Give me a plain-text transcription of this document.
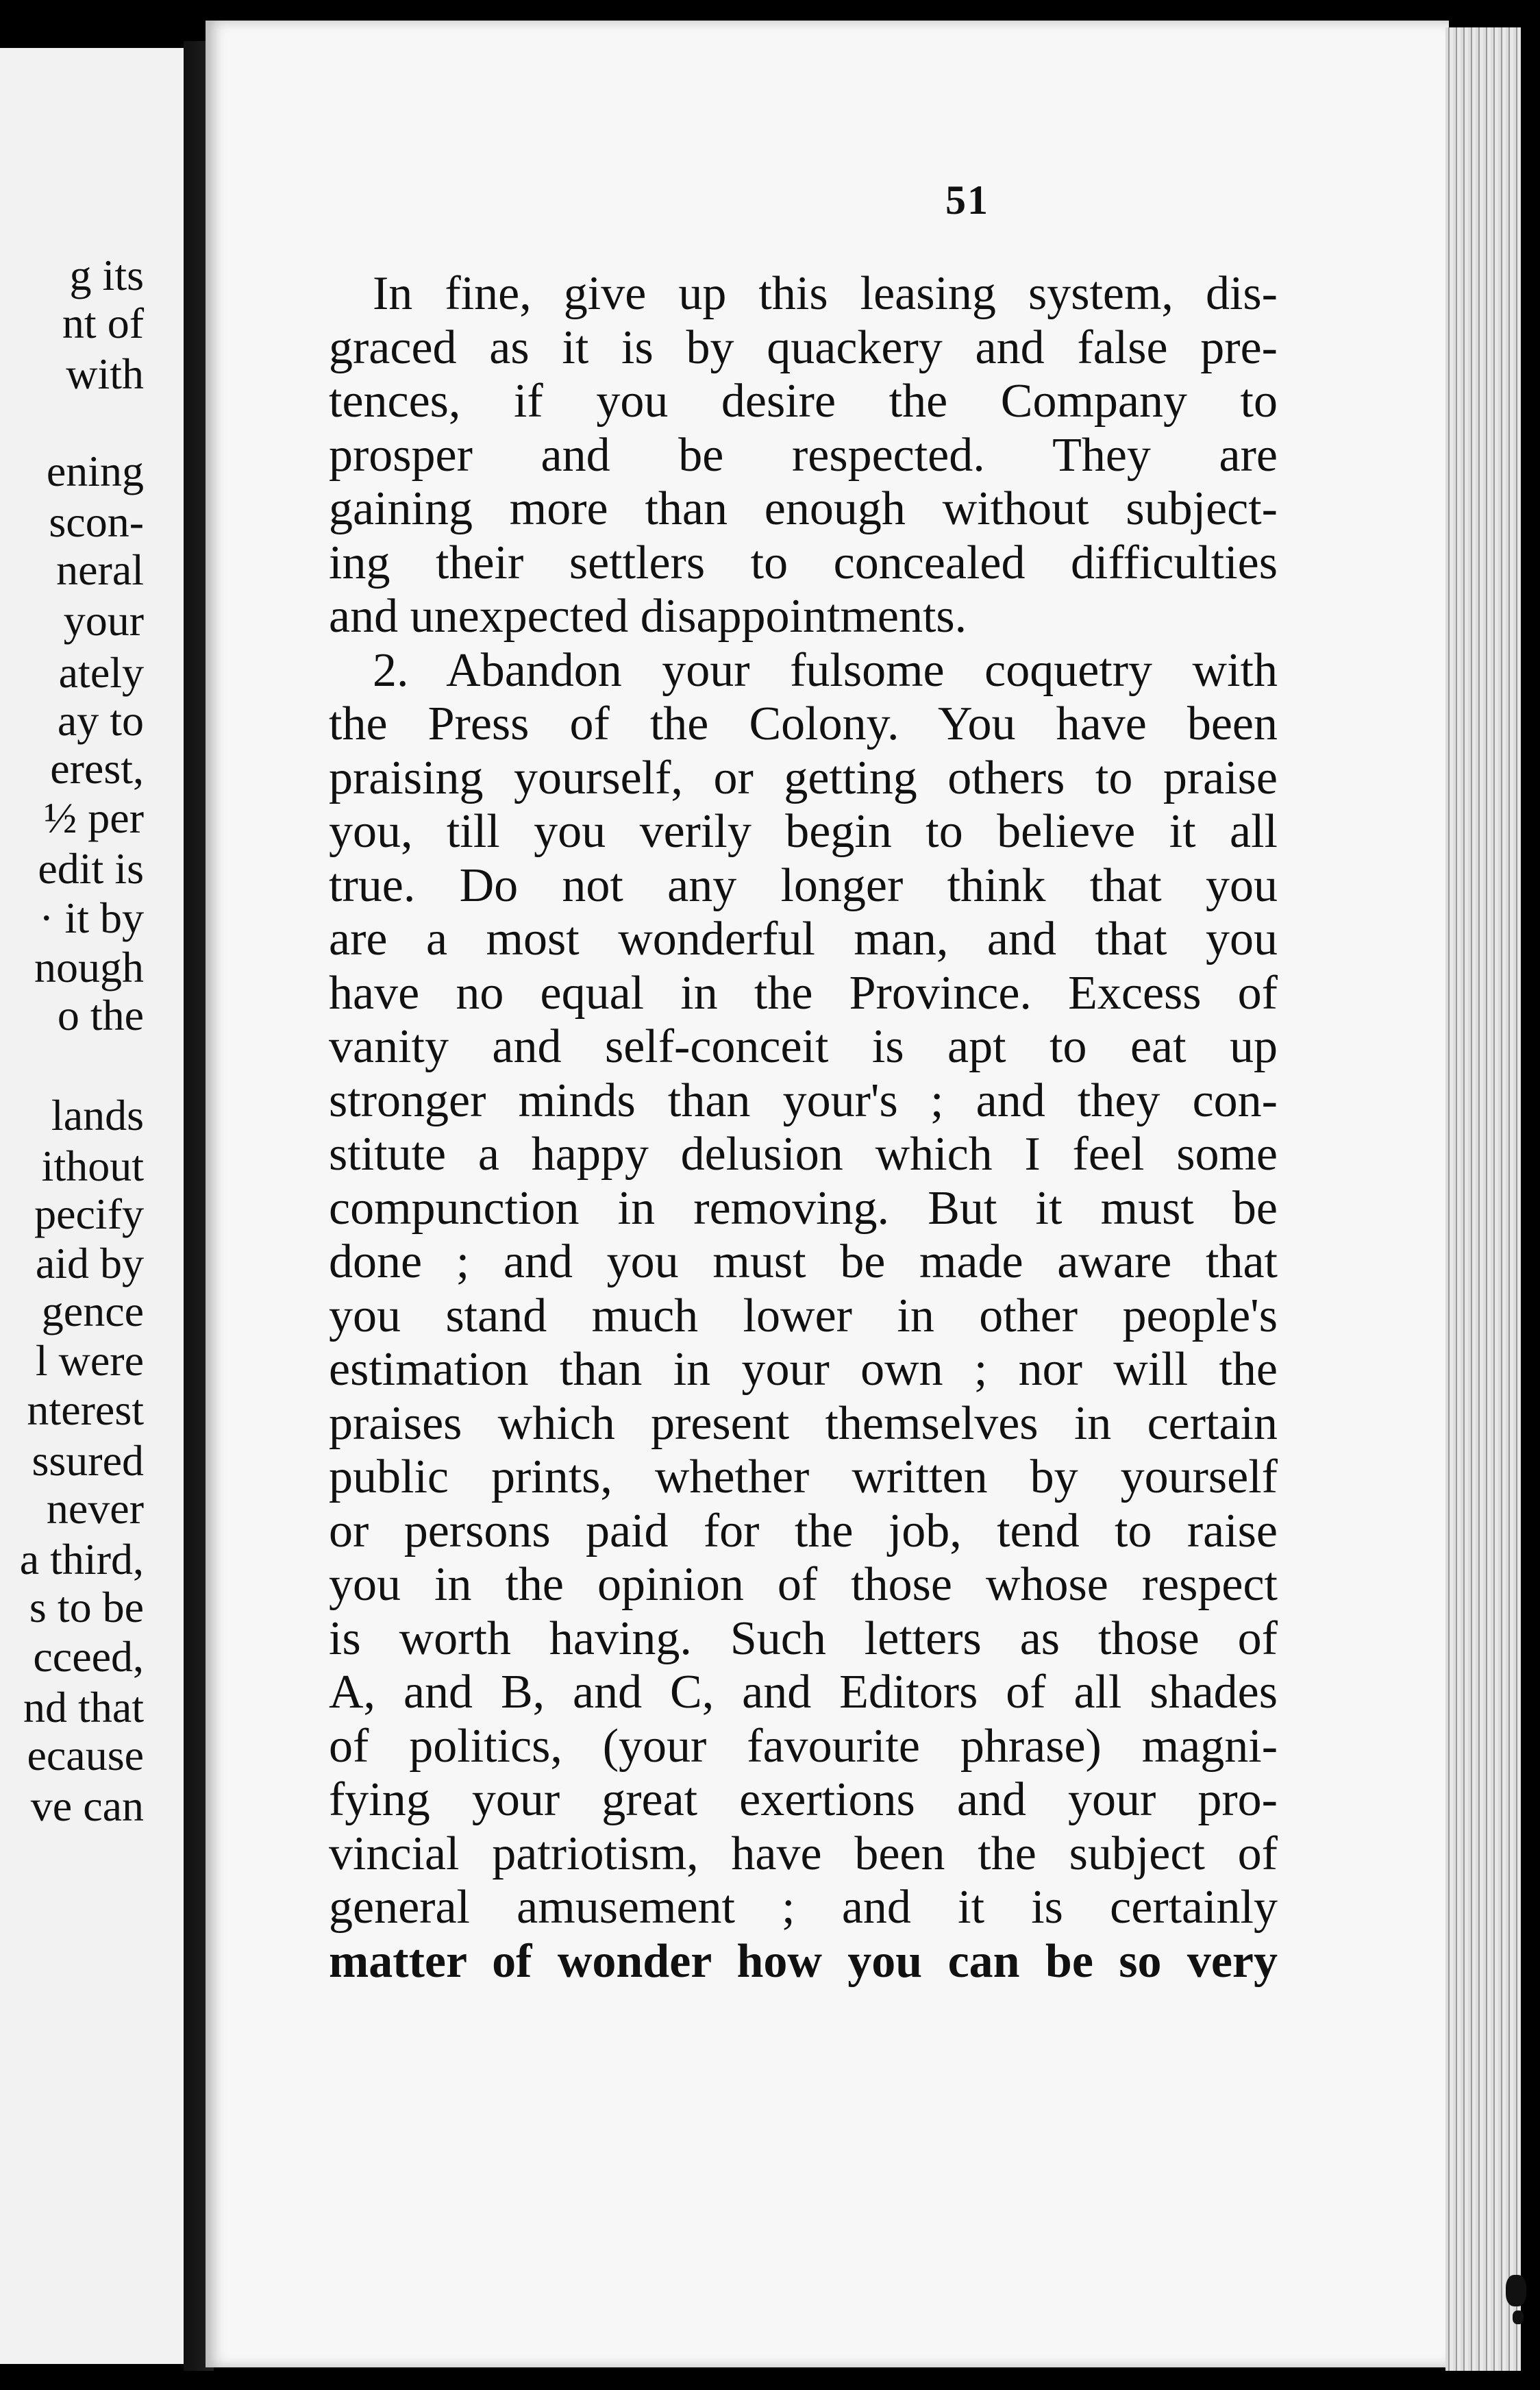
g its
nt of
with
ening
scon-
neral
your
ately
ay to
erest,
½ per
edit is
· it by
nough
o the
lands
ithout
pecify
aid by
gence
l were
nterest
ssured
never
a third,
s to be
cceed,
nd that
ecause
ve can
51
In fine, give up this leasing system, dis-
graced as it is by quackery and false pre-
tences, if you desire the Company to
prosper and be respected. They are
gaining more than enough without subject-
ing their settlers to concealed difficulties
and unexpected disappointments.
2. Abandon your fulsome coquetry with
the Press of the Colony. You have been
praising yourself, or getting others to praise
you, till you verily begin to believe it all
true. Do not any longer think that you
are a most wonderful man, and that you
have no equal in the Province. Excess of
vanity and self-conceit is apt to eat up
stronger minds than your's ; and they con-
stitute a happy delusion which I feel some
compunction in removing. But it must be
done ; and you must be made aware that
you stand much lower in other people's
estimation than in your own ; nor will the
praises which present themselves in certain
public prints, whether written by yourself
or persons paid for the job, tend to raise
you in the opinion of those whose respect
is worth having. Such letters as those of
A, and B, and C, and Editors of all shades
of politics, (your favourite phrase) magni-
fying your great exertions and your pro-
vincial patriotism, have been the subject of
general amusement ; and it is certainly
matter of wonder how you can be so very
